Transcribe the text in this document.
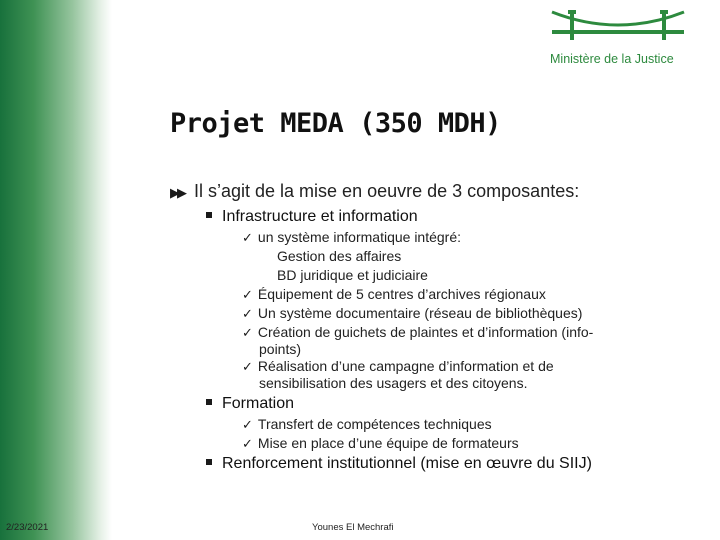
Ministère de la Justice
Projet MEDA (350 MDH)
▶▶ Il s’agit de la mise en oeuvre de 3 composantes:
Infrastructure et information
✓ un système informatique intégré:
Gestion des affaires
BD juridique et judiciaire
✓ Équipement de 5 centres d’archives régionaux
✓ Un système documentaire (réseau de bibliothèques)
✓ Création de guichets de plaintes et d’information (info-
points)
✓ Réalisation d’une campagne d’information et de
sensibilisation des usagers et des citoyens.
Formation
✓ Transfert de compétences techniques
✓ Mise en place d’une équipe de formateurs
Renforcement institutionnel (mise en œuvre du SIIJ)
2/23/2021	Younes El Mechrafi
